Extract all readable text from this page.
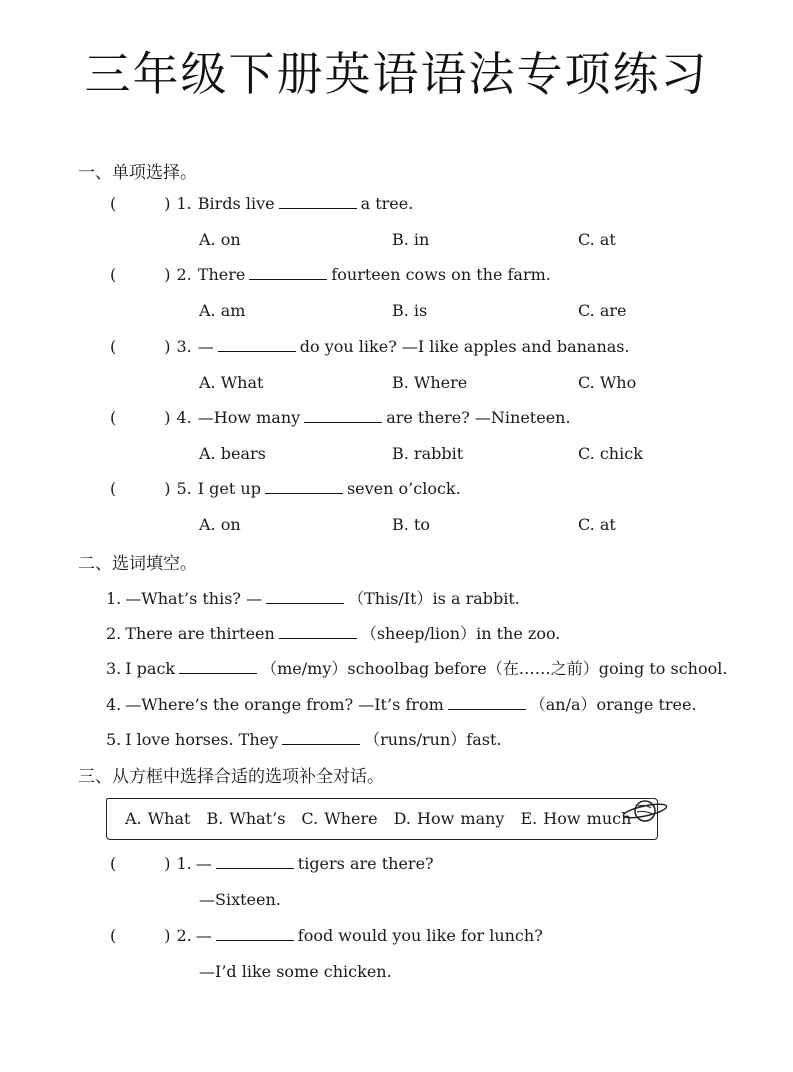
三年级下册英语语法专项练习
一、单项选择。
(	) 1. Birds live	a tree.
A. on	B. in	C. at
(	) 2. There	fourteen cows on the farm.
A. am	B. is	C. are
(	) 3. —	do you like? —I like apples and bananas.
A. What	B. Where	C. Who
(	) 4. —How many	are there? —Nineteen.
A. bears	B. rabbit	C. chick
(	) 5. I get up	seven o’clock.
A. on	B. to	C. at
二、选词填空。
1. —What’s this? —	（This/It）is a rabbit.
2. There are thirteen	（sheep/lion）in the zoo.
3. I pack	（me/my）schoolbag before（在……之前）going to school.
4. —Where’s the orange from? —It’s from	（an/a）orange tree.
5. I love horses. They	（runs/run）fast.
三、从方框中选择合适的选项补全对话。
A. What B. What’s C. Where D. How many E. How much
(	) 1. —	tigers are there?
—Sixteen.
(	) 2. —	food would you like for lunch?
—I’d like some chicken.
